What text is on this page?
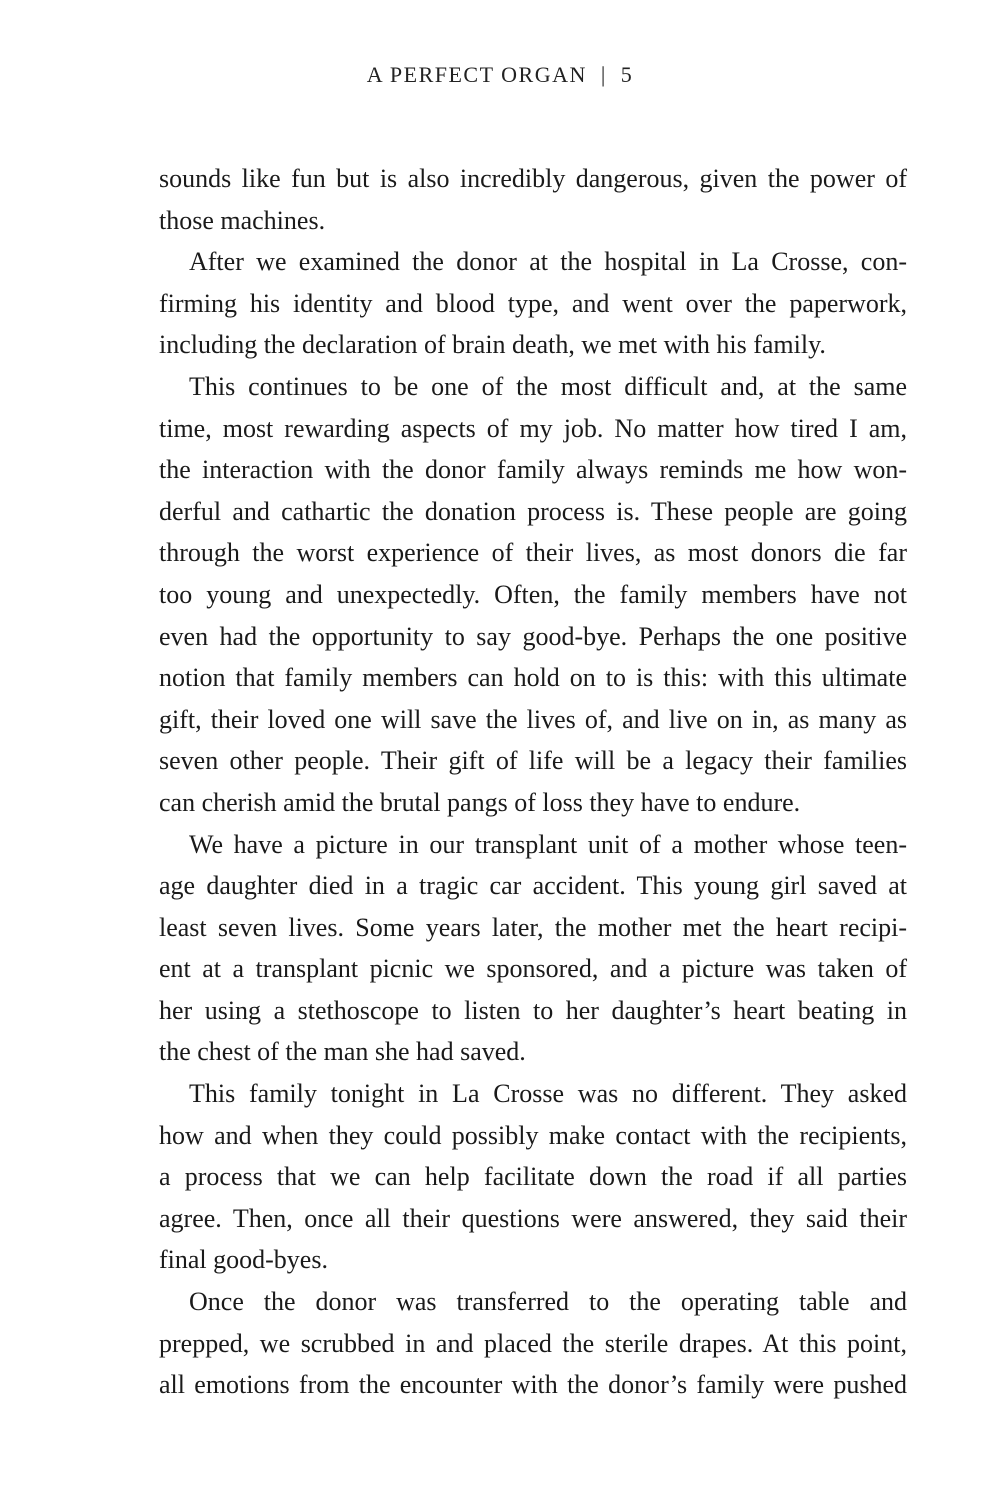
A PERFECT ORGAN | 5
sounds like fun but is also incredibly dangerous, given the power of
those machines.
After we examined the donor at the hospital in La Crosse, con-
firming his identity and blood type, and went over the paperwork,
including the declaration of brain death, we met with his family.
This continues to be one of the most difficult and, at the same
time, most rewarding aspects of my job. No matter how tired I am,
the interaction with the donor family always reminds me how won-
derful and cathartic the donation process is. These people are going
through the worst experience of their lives, as most donors die far
too young and unexpectedly. Often, the family members have not
even had the opportunity to say good-bye. Perhaps the one positive
notion that family members can hold on to is this: with this ultimate
gift, their loved one will save the lives of, and live on in, as many as
seven other people. Their gift of life will be a legacy their families
can cherish amid the brutal pangs of loss they have to endure.
We have a picture in our transplant unit of a mother whose teen-
age daughter died in a tragic car accident. This young girl saved at
least seven lives. Some years later, the mother met the heart recipi-
ent at a transplant picnic we sponsored, and a picture was taken of
her using a stethoscope to listen to her daughter’s heart beating in
the chest of the man she had saved.
This family tonight in La Crosse was no different. They asked
how and when they could possibly make contact with the recipients,
a process that we can help facilitate down the road if all parties
agree. Then, once all their questions were answered, they said their
final good-byes.
Once the donor was transferred to the operating table and
prepped, we scrubbed in and placed the sterile drapes. At this point,
all emotions from the encounter with the donor’s family were pushed
